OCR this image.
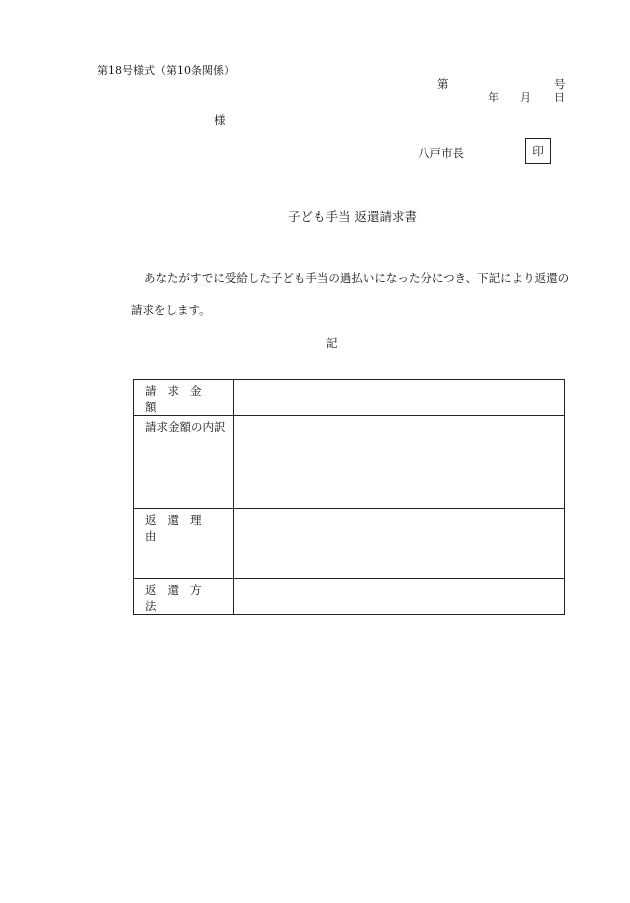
第18号様式（第10条関係）
第	号
年 月 日
様
八戸市長	印
子ども手当 返還請求書
あなたがすでに受給した子ども手当の過払いになった分につき、下記により返還の
請求をします。
記
請求金額	

請求金額の内訳	

返還理由	

返還方法	
